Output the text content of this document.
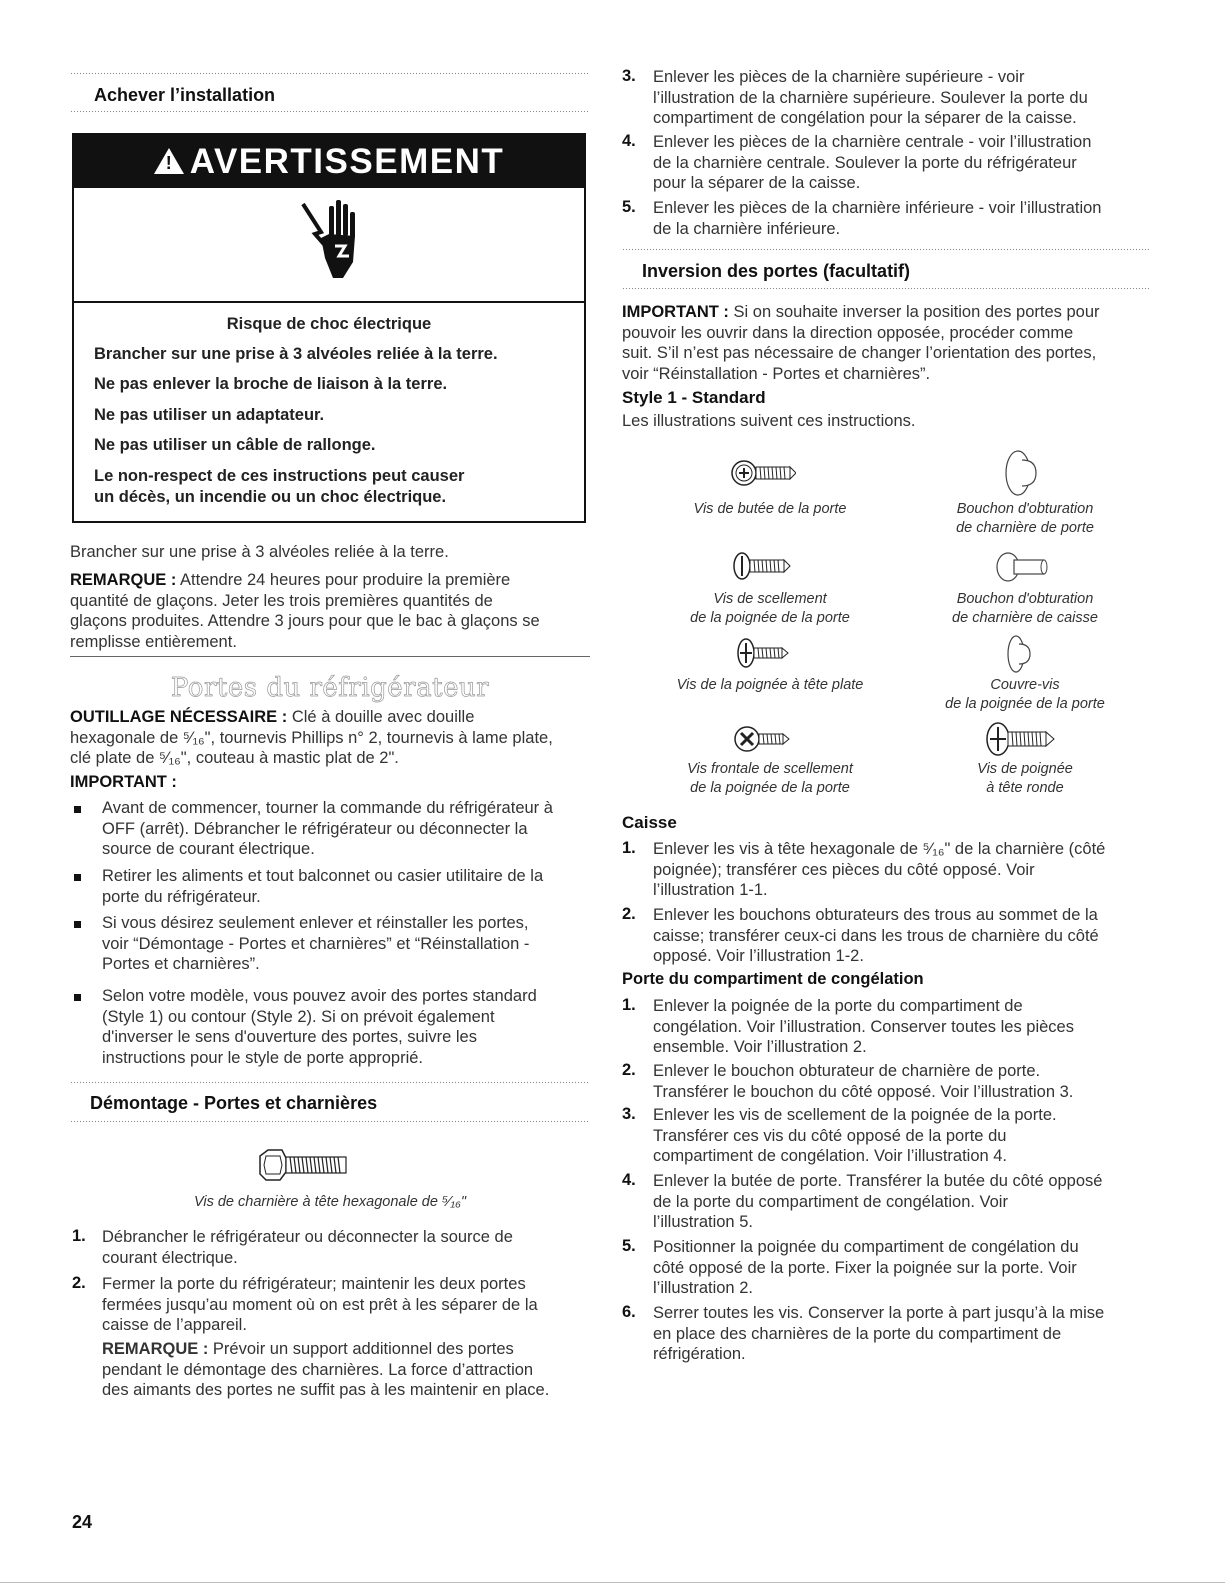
Achever l’installation
! AVERTISSEMENT
Risque de choc électrique
Brancher sur une prise à 3 alvéoles reliée à la terre.
Ne pas enlever la broche de liaison à la terre.
Ne pas utiliser un adaptateur.
Ne pas utiliser un câble de rallonge.
Le non-respect de ces instructions peut causer
un décès, un incendie ou un choc électrique.
Brancher sur une prise à 3 alvéoles reliée à la terre.
REMARQUE : Attendre 24 heures pour produire la première
quantité de glaçons. Jeter les trois premières quantités de
glaçons produites. Attendre 3 jours pour que le bac à glaçons se
remplisse entièrement.
Portes du réfrigérateur
OUTILLAGE NÉCESSAIRE : Clé à douille avec douille
hexagonale de ⁵⁄₁₆", tournevis Phillips n° 2, tournevis à lame plate,
clé plate de ⁵⁄₁₆", couteau à mastic plat de 2".
IMPORTANT :
Avant de commencer, tourner la commande du réfrigérateur à
OFF (arrêt). Débrancher le réfrigérateur ou déconnecter la
source de courant électrique.
Retirer les aliments et tout balconnet ou casier utilitaire de la
porte du réfrigérateur.
Si vous désirez seulement enlever et réinstaller les portes,
voir “Démontage - Portes et charnières” et “Réinstallation -
Portes et charnières”.
Selon votre modèle, vous pouvez avoir des portes standard
(Style 1) ou contour (Style 2). Si on prévoit également
d'inverser le sens d'ouverture des portes, suivre les
instructions pour le style de porte approprié.
Démontage - Portes et charnières
Vis de charnière à tête hexagonale de ⁵⁄₁₆"
1. Débrancher le réfrigérateur ou déconnecter la source de
courant électrique.
2. Fermer la porte du réfrigérateur; maintenir les deux portes
fermées jusqu’au moment où on est prêt à les séparer de la
caisse de l’appareil.
REMARQUE : Prévoir un support additionnel des portes
pendant le démontage des charnières. La force d’attraction
des aimants des portes ne suffit pas à les maintenir en place.
24
3. Enlever les pièces de la charnière supérieure - voir
l’illustration de la charnière supérieure. Soulever la porte du
compartiment de congélation pour la séparer de la caisse.
4. Enlever les pièces de la charnière centrale - voir l’illustration
de la charnière centrale. Soulever la porte du réfrigérateur
pour la séparer de la caisse.
5. Enlever les pièces de la charnière inférieure - voir l’illustration
de la charnière inférieure.
Inversion des portes (facultatif)
IMPORTANT : Si on souhaite inverser la position des portes pour
pouvoir les ouvrir dans la direction opposée, procéder comme
suit. S’il n’est pas nécessaire de changer l’orientation des portes,
voir “Réinstallation - Portes et charnières”.
Style 1 - Standard
Les illustrations suivent ces instructions.
Vis de butée de la porte	Bouchon d'obturation
de charnière de porte
Vis de scellement
de la poignée de la porte
Bouchon d'obturation
de charnière de caisse
Vis de la poignée à tête plate	Couvre-vis
de la poignée de la porte
Vis frontale de scellement
de la poignée de la porte
Vis de poignée
à tête ronde
Caisse
1. Enlever les vis à tête hexagonale de ⁵⁄₁₆" de la charnière (côté
poignée); transférer ces pièces du côté opposé. Voir
l’illustration 1-1.
2. Enlever les bouchons obturateurs des trous au sommet de la
caisse; transférer ceux-ci dans les trous de charnière du côté
opposé. Voir l’illustration 1-2.
Porte du compartiment de congélation
1. Enlever la poignée de la porte du compartiment de
congélation. Voir l’illustration. Conserver toutes les pièces
ensemble. Voir l’illustration 2.
2. Enlever le bouchon obturateur de charnière de porte.
Transférer le bouchon du côté opposé. Voir l’illustration 3.
3. Enlever les vis de scellement de la poignée de la porte.
Transférer ces vis du côté opposé de la porte du
compartiment de congélation. Voir l’illustration 4.
4. Enlever la butée de porte. Transférer la butée du côté opposé
de la porte du compartiment de congélation. Voir
l’illustration 5.
5. Positionner la poignée du compartiment de congélation du
côté opposé de la porte. Fixer la poignée sur la porte. Voir
l’illustration 2.
6. Serrer toutes les vis. Conserver la porte à part jusqu’à la mise
en place des charnières de la porte du compartiment de
réfrigération.
